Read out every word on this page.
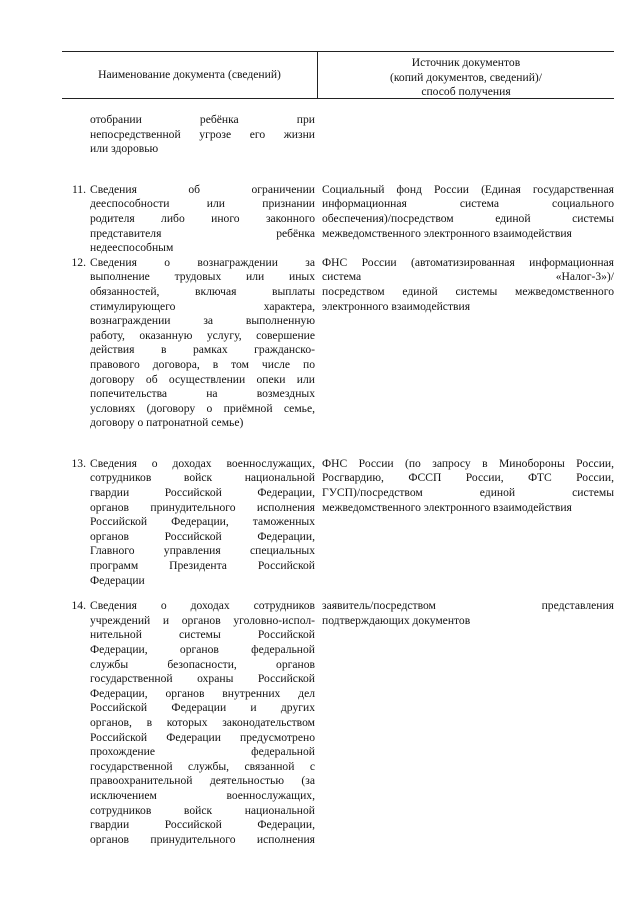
Наименование документа (сведений)
Источник документов
(копий документов, сведений)/
способ получения
отобрании ребёнка при
непосредственной угрозе его жизни
или здоровью
11. Сведения об ограничении
дееспособности или признании
родителя либо иного законного
представителя ребёнка
недееспособным
Социальный фонд России (Единая государственная
информационная система социального
обеспечения)/посредством единой системы
межведомственного электронного взаимодействия
12. Сведения о вознаграждении за
выполнение трудовых или иных
обязанностей, включая выплаты
стимулирующего характера,
вознаграждении за выполненную
работу, оказанную услугу, совершение
действия в рамках гражданско-
правового договора, в том числе по
договору об осуществлении опеки или
попечительства на возмездных
условиях (договору о приёмной семье,
договору о патронатной семье)
ФНС России (автоматизированная информационная
система «Налог-3»)/
посредством единой системы межведомственного
электронного взаимодействия
13. Сведения о доходах военнослужащих,
сотрудников войск национальной
гвардии Российской Федерации,
органов принудительного исполнения
Российской Федерации, таможенных
органов Российской Федерации,
Главного управления специальных
программ Президента Российской
Федерации
ФНС России (по запросу в Минобороны России,
Росгвардию, ФССП России, ФТС России,
ГУСП)/посредством единой системы
межведомственного электронного взаимодействия
14. Сведения о доходах сотрудников
учреждений и органов уголовно-испол-
нительной системы Российской
Федерации, органов федеральной
службы безопасности, органов
государственной охраны Российской
Федерации, органов внутренних дел
Российской Федерации и других
органов, в которых законодательством
Российской Федерации предусмотрено
прохождение федеральной
государственной службы, связанной с
правоохранительной деятельностью (за
исключением военнослужащих,
сотрудников войск национальной
гвардии Российской Федерации,
органов принудительного исполнения
заявитель/посредством представления
подтверждающих документов
